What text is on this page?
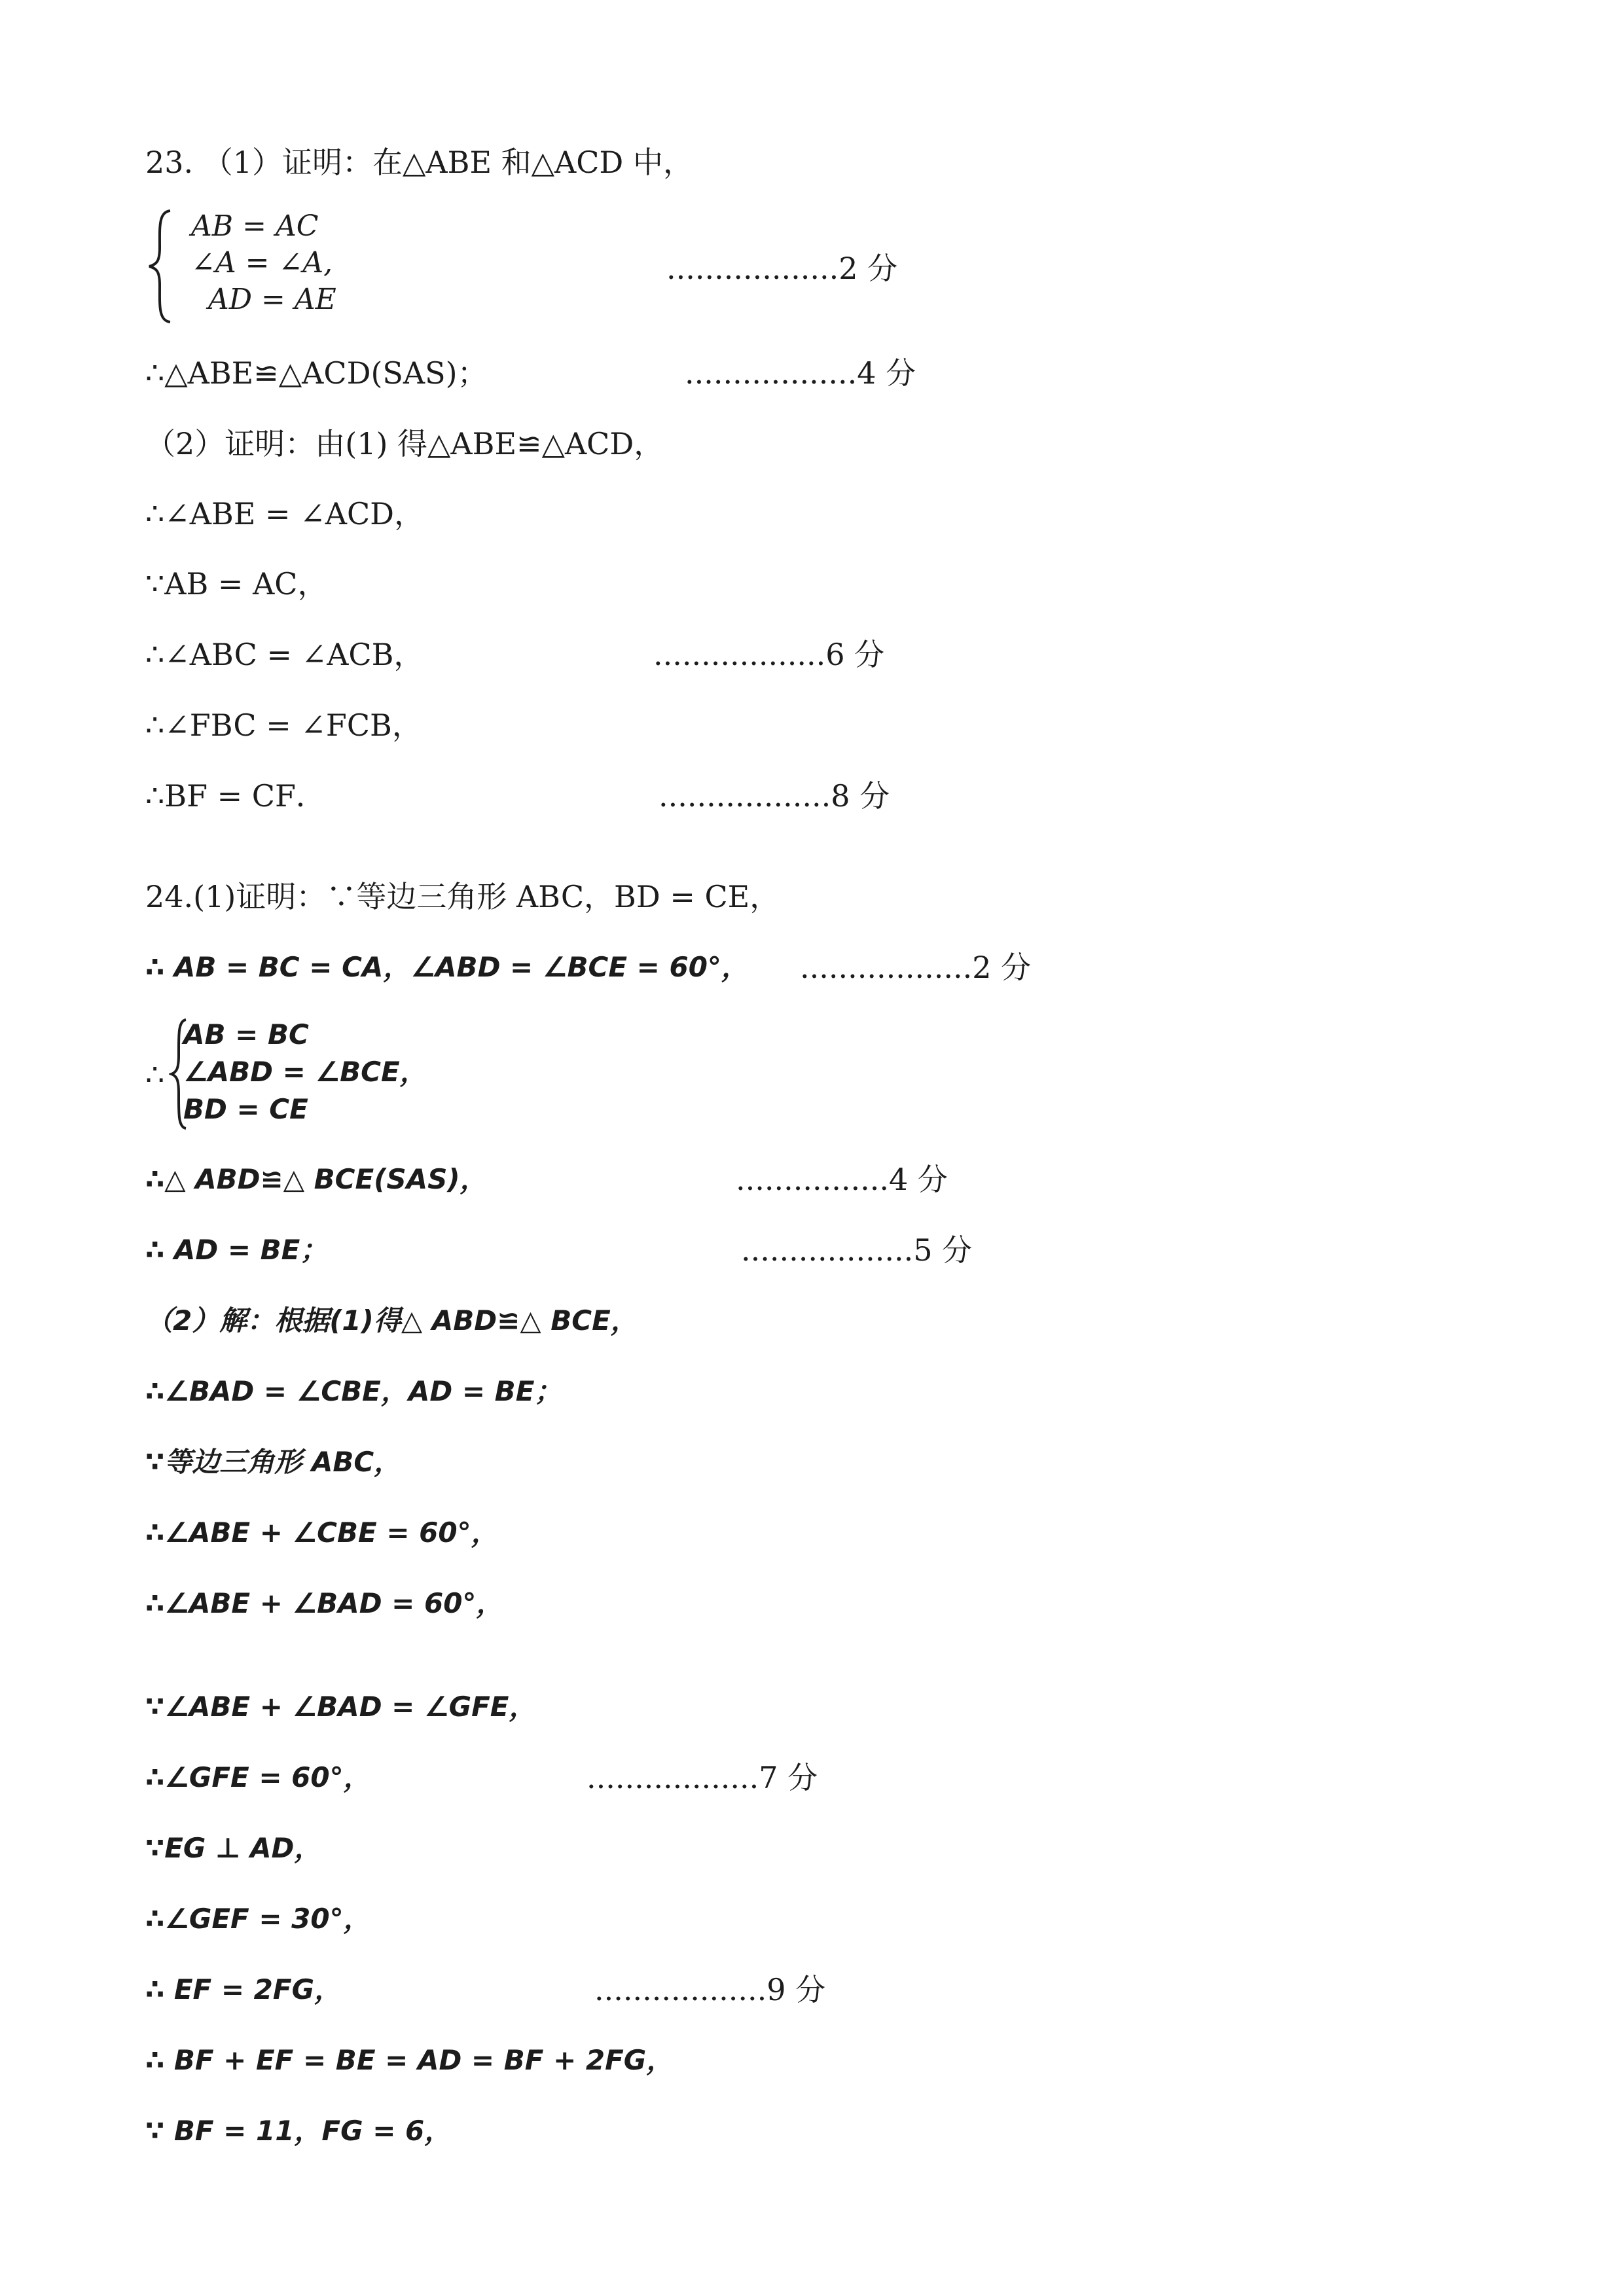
23. （1）证明：在△ABE 和△ACD 中，
AB = AC
∠A = ∠A,
AD = AE
..................2 分
∴△ABE≌△ACD(SAS)；	..................4 分
（2）证明：由(1) 得△ABE≌△ACD，
∴∠ABE = ∠ACD，
∵AB = AC，
∴∠ABC = ∠ACB，	..................6 分
∴∠FBC = ∠FCB，
∴BF = CF．	..................8 分
24.(1)证明：∵等边三角形 ABC，BD = CE，
∴ AB = BC = CA，∠ABD = ∠BCE = 60°， ..................2 分
∴
AB = BC
∠ABD = ∠BCE，
BD = CE
∴△ ABD≌△ BCE(SAS)，	................4 分
∴ AD = BE；	..................5 分
（2）解：根据(1)得△ ABD≌△ BCE，
∴∠BAD = ∠CBE，AD = BE；
∵等边三角形 ABC，
∴∠ABE + ∠CBE = 60°，
∴∠ABE + ∠BAD = 60°，
∵∠ABE + ∠BAD = ∠GFE，
∴∠GFE = 60°，	..................7 分
∵EG ⊥ AD，
∴∠GEF = 30°，
∴ EF = 2FG，	..................9 分
∴ BF + EF = BE = AD = BF + 2FG，
∵ BF = 11，FG = 6，
